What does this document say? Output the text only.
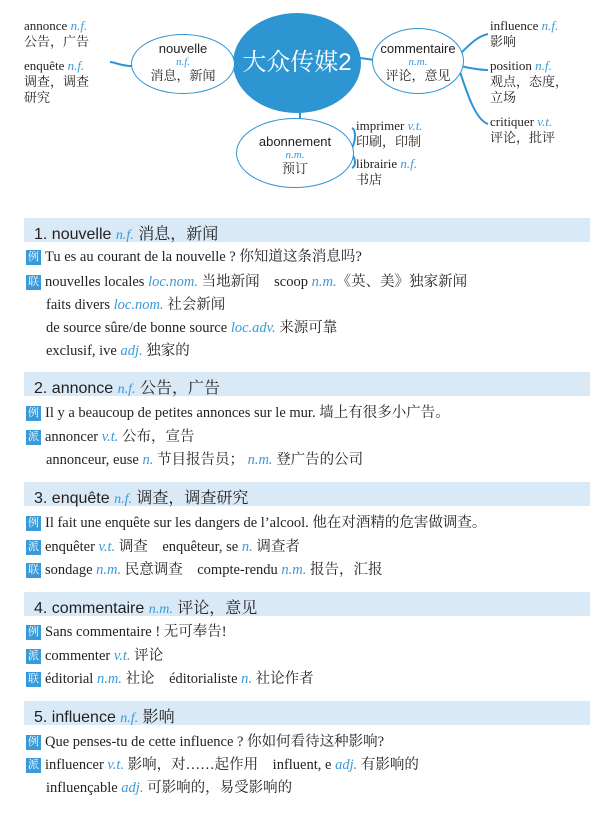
大众传媒2
nouvelle
n.f.
消息，新闻
commentaire
n.m.
评论，意见
abonnement
n.m.
预订
annonce n.f.
公告，广告
enquête n.f.
调查，调查
研究
influence n.f.
影响
position n.f.
观点，态度，
立场
critiquer v.t.
评论，批评
imprimer v.t.
印刷，印制
librairie n.f.
书店
1. nouvelle n.f. 消息，新闻
例 Tu es au courant de la nouvelle ? 你知道这条消息吗?
联 nouvelles locales loc.nom. 当地新闻 scoop n.m.《英、美》独家新闻
faits divers loc.nom. 社会新闻
de source sûre/de bonne source loc.adv. 来源可靠
exclusif, ive adj. 独家的
2. annonce n.f. 公告，广告
例 Il y a beaucoup de petites annonces sur le mur. 墙上有很多小广告。
派 annoncer v.t. 公布，宣告
annonceur, euse n. 节目报告员； n.m. 登广告的公司
3. enquête n.f. 调查，调查研究
例 Il fait une enquête sur les dangers de l’alcool. 他在对酒精的危害做调查。
派 enquêter v.t. 调查 enquêteur, se n. 调查者
联 sondage n.m. 民意调查 compte-rendu n.m. 报告，汇报
4. commentaire n.m. 评论，意见
例 Sans commentaire ! 无可奉告!
派 commenter v.t. 评论
联 éditorial n.m. 社论 éditorialiste n. 社论作者
5. influence n.f. 影响
例 Que penses-tu de cette influence ? 你如何看待这种影响?
派 influencer v.t. 影响，对……起作用 influent, e adj. 有影响的
influençable adj. 可影响的，易受影响的
